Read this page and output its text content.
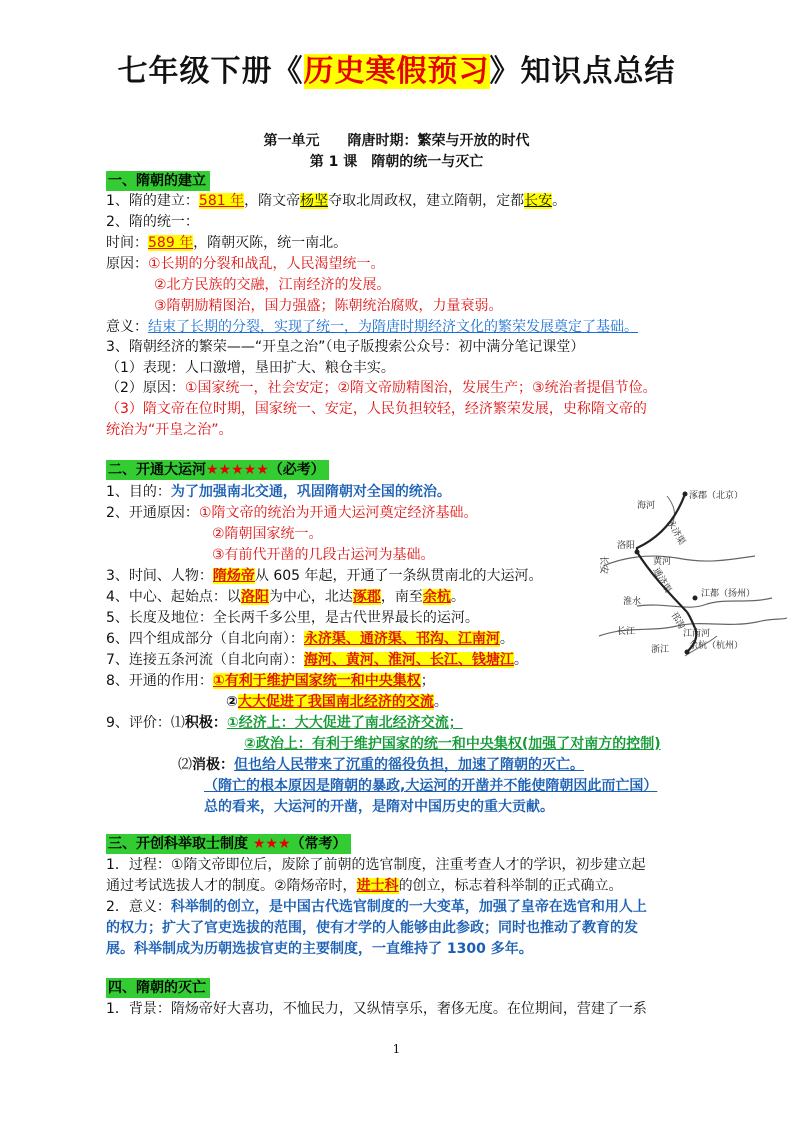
七年级下册《历史寒假预习》知识点总结
第一单元　　隋唐时期：繁荣与开放的时代
第 1 课　隋朝的统一与灭亡
一、隋朝的建立
1、隋的建立：581 年，隋文帝杨坚夺取北周政权，建立隋朝，定都长安。
2、隋的统一：
时间：589 年，隋朝灭陈，统一南北。
原因：①长期的分裂和战乱，人民渴望统一。
②北方民族的交融，江南经济的发展。
③隋朝励精图治，国力强盛；陈朝统治腐败，力量衰弱。
意义：结束了长期的分裂，实现了统一，为隋唐时期经济文化的繁荣发展奠定了基础。
3、隋朝经济的繁荣——“开皇之治”（电子版搜索公众号：初中满分笔记课堂）
（1）表现：人口激增，垦田扩大、粮仓丰实。
（2）原因：①国家统一，社会安定；②隋文帝励精图治，发展生产；③统治者提倡节俭。
（3）隋文帝在位时期，国家统一、安定，人民负担较轻，经济繁荣发展，史称隋文帝的
统治为“开皇之治”。
二、开通大运河★★★★★（必考）
1、目的：为了加强南北交通，巩固隋朝对全国的统治。
2、开通原因：①隋文帝的统治为开通大运河奠定经济基础。
②隋朝国家统一。
③有前代开凿的几段古运河为基础。
3、时间、人物：隋炀帝从 605 年起，开通了一条纵贯南北的大运河。
4、中心、起始点：以洛阳为中心，北达涿郡，南至余杭。
5、长度及地位：全长两千多公里，是古代世界最长的运河。
6、四个组成部分（自北向南）：永济渠、通济渠、邗沟、江南河。
7、连接五条河流（自北向南）：海河、黄河、淮河、长江、钱塘江。
8、开通的作用：①有利于维护国家统一和中央集权；
②大大促进了我国南北经济的交流。
9、评价：⑴积极：①经济上：大大促进了南北经济交流；
②政治上：有利于维护国家的统一和中央集权(加强了对南方的控制)
⑵消极：但也给人民带来了沉重的徭役负担，加速了隋朝的灭亡。
（隋亡的根本原因是隋朝的暴政,大运河的开凿并不能使隋朝因此而亡国）
总的看来，大运河的开凿，是隋对中国历史的重大贡献。
涿郡（北京）
海河
永济渠
洛阳
黄河
长安
通济渠	江都（扬州）
淮水
邗沟
长江	江南河
余杭（杭州）
浙江
三、开创科举取士制度 ★★★（常考）
1．过程：①隋文帝即位后，废除了前朝的选官制度，注重考查人才的学识，初步建立起
通过考试选拔人才的制度。②隋炀帝时，进士科的创立，标志着科举制的正式确立。
2．意义：科举制的创立，是中国古代选官制度的一大变革，加强了皇帝在选官和用人上
的权力；扩大了官吏选拔的范围，使有才学的人能够由此参政；同时也推动了教育的发
展。科举制成为历朝选拔官吏的主要制度，一直维持了 1300 多年。
四、隋朝的灭亡
1．背景：隋炀帝好大喜功，不恤民力，又纵情享乐，奢侈无度。在位期间，营建了一系
1
